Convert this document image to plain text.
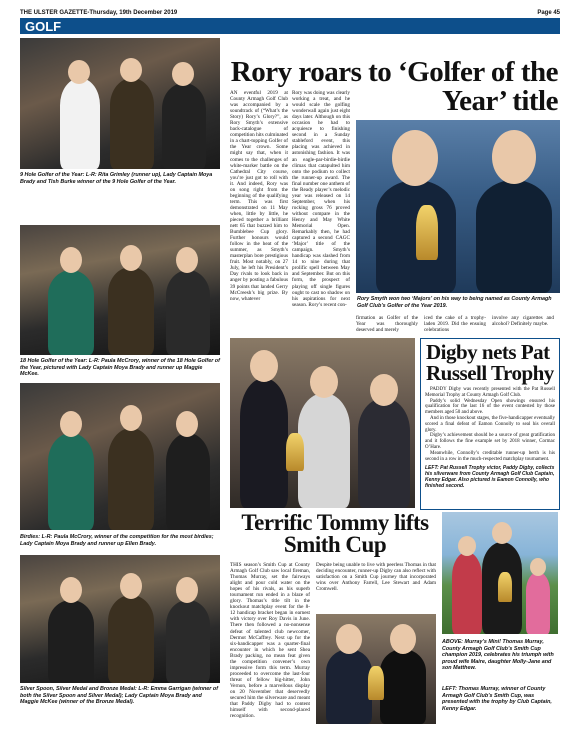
THE ULSTER GAZETTE-Thursday, 19th December 2019	Page 45
GOLF
9 Hole Golfer of the Year: L-R: Rita Grimley (runner up), Lady Captain Moya Brady and Tish Burke winner of the 9 Hole Golfer of the Year.
18 Hole Golfer of the Year: L-R: Paula McCrory, winner of the 18 Hole Golfer of the Year, pictured with Lady Captain Moya Brady and runner up Maggie McKee.
Birdies: L-R: Paula McCrory, winner of the competition for the most birdies; Lady Captain Moya Brady and runner up Ellen Brady.
Silver Spoon, Silver Medal and Bronze Medal: L-R: Emma Garrigan (winner of both the Silver Spoon and Silver Medal); Lady Captain Moya Brady and Maggie McKee (winner of the Bronze Medal).
Rory roars to ‘Golfer of the Year’ title
AN eventful 2019 at County Armagh Golf Club was accompanied by a soundtrack of (“What’s the Story) Rory’s Glory?”, as Rory Smyth’s extensive back-catalogue of competition hits culminated in a chart-topping Golfer of the Year crown. Some might say that, when it comes to the challenges of white-marker battle on the Cathedral City course, you’re just got to roll with it. And indeed, Rory was on song right from the beginning of the qualifying term. This was first demonstrated on 11 May when, little by little, he pieced together a brilliant nett 65 that buzzed him to Bumblebee Cup glory. Further honours would follow in the heat of the summer, as Smyth’s masterplan bore prestigious fruit. Most notably, on 27 July, he left his President’s Day rivals to look back in anger by posting a fabulous 39 points that landed Gerry McCreesh’s big prize. By now, whatever
Rory was doing was clearly working a treat, and he would scale the golfing wonderwall again just eight days later. Although on this occasion he had to acquiesce to finishing second in a Sunday stableford event, this placing was achieved in astonishing fashion. It was an eagle-par-birdie-birdie climax that catapulted him onto the podium to collect the runner-up award. The final number one anthem of the Ready player’s melodic year was released on 14 September, when his rocking gross 76 proved without compare in the Henry and May White Memorial Open. Remarkably then, he had captured a second CAGC ‘Major’ title of the campaign. Smyth’s handicap was slashed from 14 to nine during that prolific spell between May and September. But on this form, the prospect of playing off single figures ought to cast no shadow on his aspirations for next season. Rory’s recent con-
Rory Smyth won two ‘Majors’ on his way to being named as County Armagh Golf Club’s Golfer of the Year 2019.
firmation as Golfer of the Year was thoroughly deserved and merely
iced the cake of a trophy-laden 2019. Did the ensuing celebrations
involve any cigarettes and alcohol? Definitely maybe.
Digby nets Pat Russell Trophy

PADDY Digby was recently presented with the Pat Russell Memorial Trophy at County Armagh Golf Club.

Paddy’s solid Wednesday Open showings ensured his qualification for the last 16 of the event contested by those members aged 50 and above.

And in those knockout stages, the five-handicapper eventually scored a final defeat of Eamon Connolly to seal his overall glory.

Digby’s achievement should be a source of great gratification and it follows the fine example set by 2018 winner, Cormac O’Hare.

Meanwhile, Connolly’s creditable runner-up berth is his second in a row in the much-respected matchplay tournament.

LEFT: Pat Russell Trophy victor, Paddy Digby, collects his silverware from County Armagh Golf Club Captain, Kenny Edgar. Also pictured is Eamon Connolly, who finished second.
Terrific Tommy lifts Smith Cup
THIS season’s Smith Cup at County Armagh Golf Club saw local fireman, Thomas Murray, set the fairways alight and pour cold water on the hopes of his rivals, as his superb tournament run ended in a blaze of glory. Thomas’s title tilt in the knockout matchplay event for the 8-12 handicap bracket began in earnest with victory over Roy Davis in June. There then followed a no-nonsense defeat of talented club newcomer, Dermot McCaffrey. Next up for the six-handicapper was a quarter-final encounter in which he sent Shea Brady packing, no mean feat given the competition convener’s own impressive form this term. Murray proceeded to overcome the last-four threat of fellow big-hitter, John Vernon, before a marvellous display on 20 November that deservedly secured him the silverware and meant that Paddy Digby had to content himself with second-placed recognition.
Despite being unable to live with peerless Thomas in that deciding encounter, runner-up Digby can also reflect with satisfaction on a Smith Cup journey that incorporated wins over Anthony Farrell, Lee Stewart and Adam Cromwell.
ABOVE: Murray’s Mini! Thomas Murray, County Armagh Golf Club’s Smith Cup champion 2019, celebrates his triumph with proud wife Maire, daughter Molly-Jane and son Matthew.
LEFT: Thomas Murray, winner of County Armagh Golf Club’s Smith Cup, was presented with the trophy by Club Captain, Kenny Edgar.
